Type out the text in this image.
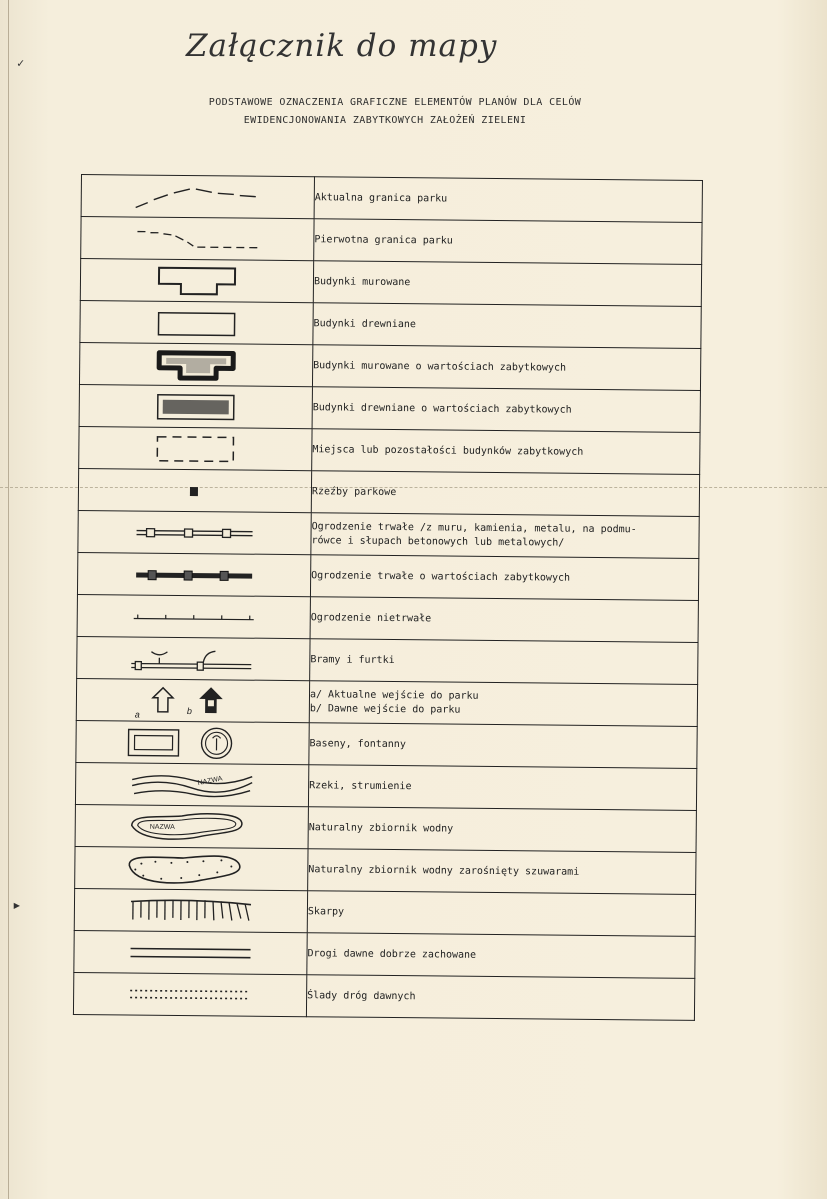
Załącznik do mapy
PODSTAWOWE OZNACZENIA GRAFICZNE ELEMENTÓW PLANÓW DLA CELÓW
EWIDENCJONOWANIA ZABYTKOWYCH ZAŁOŻEŃ ZIELENI
✓
▸

Aktualna granica parku

Pierwotna granica parku

Budynki murowane

Budynki drewniane

Budynki murowane o wartościach zabytkowych

Budynki drewniane o wartościach zabytkowych

Miejsca lub pozostałości budynków zabytkowych

Rzeźby parkowe

Ogrodzenie trwałe /z muru, kamienia, metalu, na podmu-
rówce i słupach betonowych lub metalowych/

Ogrodzenie trwałe o wartościach zabytkowych

Ogrodzenie nietrwałe

Bramy i furtki

a b	a/ Aktualne wejście do parku
b/ Dawne wejście do parku

Baseny, fontanny

NAZWA	Rzeki, strumienie

NAZWA	Naturalny zbiornik wodny

Naturalny zbiornik wodny zarośnięty szuwarami

Skarpy

Drogi dawne dobrze zachowane

Ślady dróg dawnych
